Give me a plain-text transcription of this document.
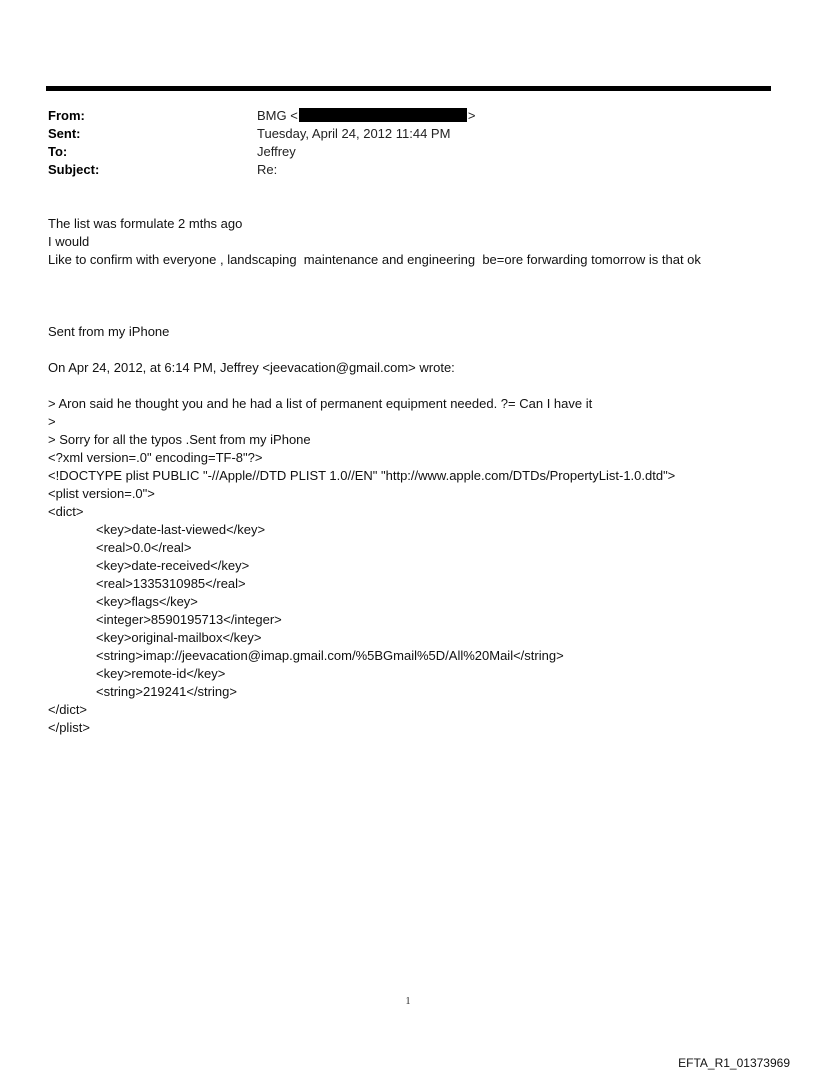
From:	BMG <	>
Sent:	Tuesday, April 24, 2012 11:44 PM
To:	Jeffrey
Subject:	Re:
The list was formulate 2 mths ago
I would
Like to confirm with everyone , landscaping  maintenance and engineering  be=ore forwarding tomorrow is that ok
Sent from my iPhone
On Apr 24, 2012, at 6:14 PM, Jeffrey <jeevacation@gmail.com> wrote:
> Aron said he thought you and he had a list of permanent equipment needed. ?= Can I have it
>
> Sorry for all the typos .Sent from my iPhone
<?xml version=.0" encoding=TF-8"?>
<!DOCTYPE plist PUBLIC "-//Apple//DTD PLIST 1.0//EN" "http://www.apple.com/DTDs/PropertyList-1.0.dtd">
<plist version=.0">
<dict>
<key>date-last-viewed</key>
<real>0.0</real>
<key>date-received</key>
<real>1335310985</real>
<key>flags</key>
<integer>8590195713</integer>
<key>original-mailbox</key>
<string>imap://jeevacation@imap.gmail.com/%5BGmail%5D/All%20Mail</string>
<key>remote-id</key>
<string>219241</string>
</dict>
</plist>
1
EFTA_R1_01373969
